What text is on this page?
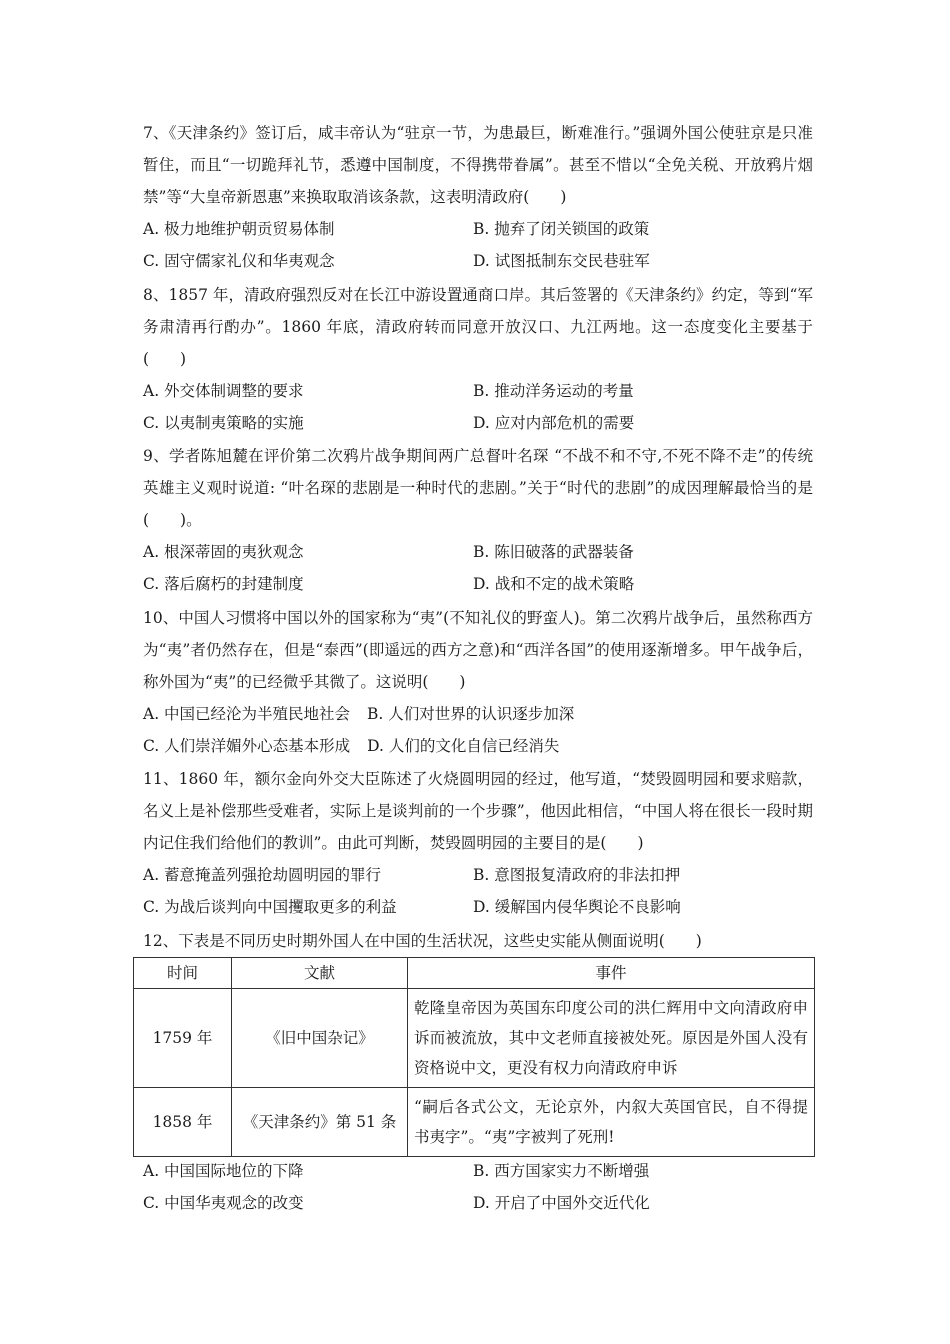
7、《天津条约》签订后，咸丰帝认为“驻京一节，为患最巨，断难准行。”强调外国公使驻京是只准暂住，而且“一切跪拜礼节，悉遵中国制度，不得携带眷属”。甚至不惜以“全免关税、开放鸦片烟禁”等“大皇帝新恩惠”来换取取消该条款，这表明清政府(　　)

A. 极力地维护朝贡贸易体制	B. 抛弃了闭关锁国的政策
C. 固守儒家礼仪和华夷观念	D. 试图抵制东交民巷驻军

8、1857 年，清政府强烈反对在长江中游设置通商口岸。其后签署的《天津条约》约定，等到“军务肃清再行酌办”。1860 年底，清政府转而同意开放汉口、九江两地。这一态度变化主要基于(　　)

A. 外交体制调整的要求	B. 推动洋务运动的考量
C. 以夷制夷策略的实施	D. 应对内部危机的需要

9、学者陈旭麓在评价第二次鸦片战争期间两广总督叶名琛 “不战不和不守,不死不降不走”的传统英雄主义观时说道: “叶名琛的悲剧是一种时代的悲剧。”关于“时代的悲剧”的成因理解最恰当的是(　　)。

A. 根深蒂固的夷狄观念	B. 陈旧破落的武器装备
C. 落后腐朽的封建制度	D. 战和不定的战术策略

10、中国人习惯将中国以外的国家称为“夷”(不知礼仪的野蛮人)。第二次鸦片战争后，虽然称西方为“夷”者仍然存在，但是“泰西”(即遥远的西方之意)和“西洋各国”的使用逐渐增多。甲午战争后，称外国为“夷”的已经微乎其微了。这说明(　　)

A. 中国已经沦为半殖民地社会 B. 人们对世界的认识逐步加深
C. 人们崇洋媚外心态基本形成 D. 人们的文化自信已经消失

11、1860 年，额尔金向外交大臣陈述了火烧圆明园的经过，他写道，“焚毁圆明园和要求赔款，名义上是补偿那些受难者，实际上是谈判前的一个步骤”，他因此相信，“中国人将在很长一段时期内记住我们给他们的教训”。由此可判断，焚毁圆明园的主要目的是(　　)

A. 蓄意掩盖列强抢劫圆明园的罪行	B. 意图报复清政府的非法扣押
C. 为战后谈判向中国攫取更多的利益	D. 缓解国内侵华舆论不良影响

12、下表是不同历史时期外国人在中国的生活状况，这些史实能从侧面说明(　　)

时间	文献	事件
1759 年	《旧中国杂记》	乾隆皇帝因为英国东印度公司的洪仁辉用中文向清政府申诉而被流放，其中文老师直接被处死。原因是外国人没有资格说中文，更没有权力向清政府申诉
1858 年	《天津条约》第 51 条	“嗣后各式公文，无论京外，内叙大英国官民，自不得提书夷字”。“夷”字被判了死刑!
A. 中国国际地位的下降	B. 西方国家实力不断增强
C. 中国华夷观念的改变	D. 开启了中国外交近代化
